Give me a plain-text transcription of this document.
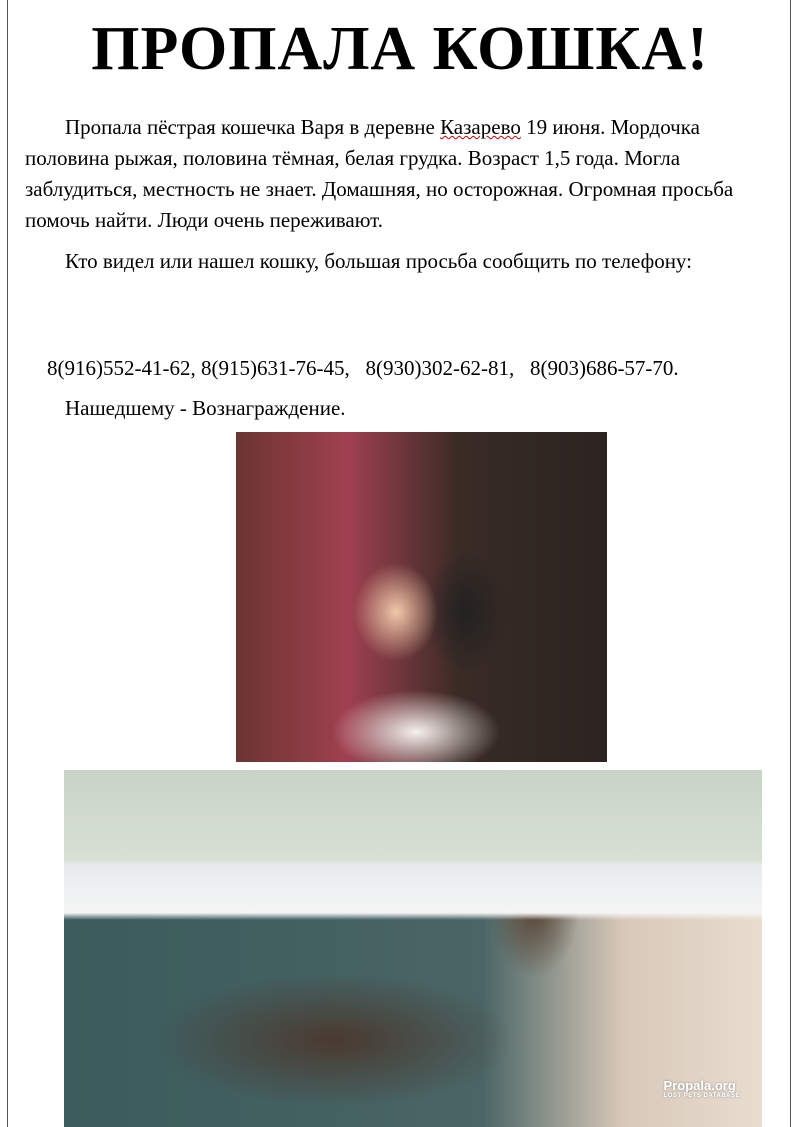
ПРОПАЛА КОШКА!

Пропала пёстрая кошечка Варя в деревне Казарево 19 июня. Мордочка половина рыжая, половина тёмная, белая грудка. Возраст 1,5 года. Могла заблудиться, местность не знает. Домашняя, но осторожная. Огромная просьба помочь найти. Люди очень переживают.

Кто видел или нашел кошку, большая просьба сообщить по телефону:

8(916)552-41-62, 8(915)631-76-45, 8(930)302-62-81, 8(903)686-57-70.
Нашедшему - Вознаграждение.
Propala.org
LOST PETS DATABASE
